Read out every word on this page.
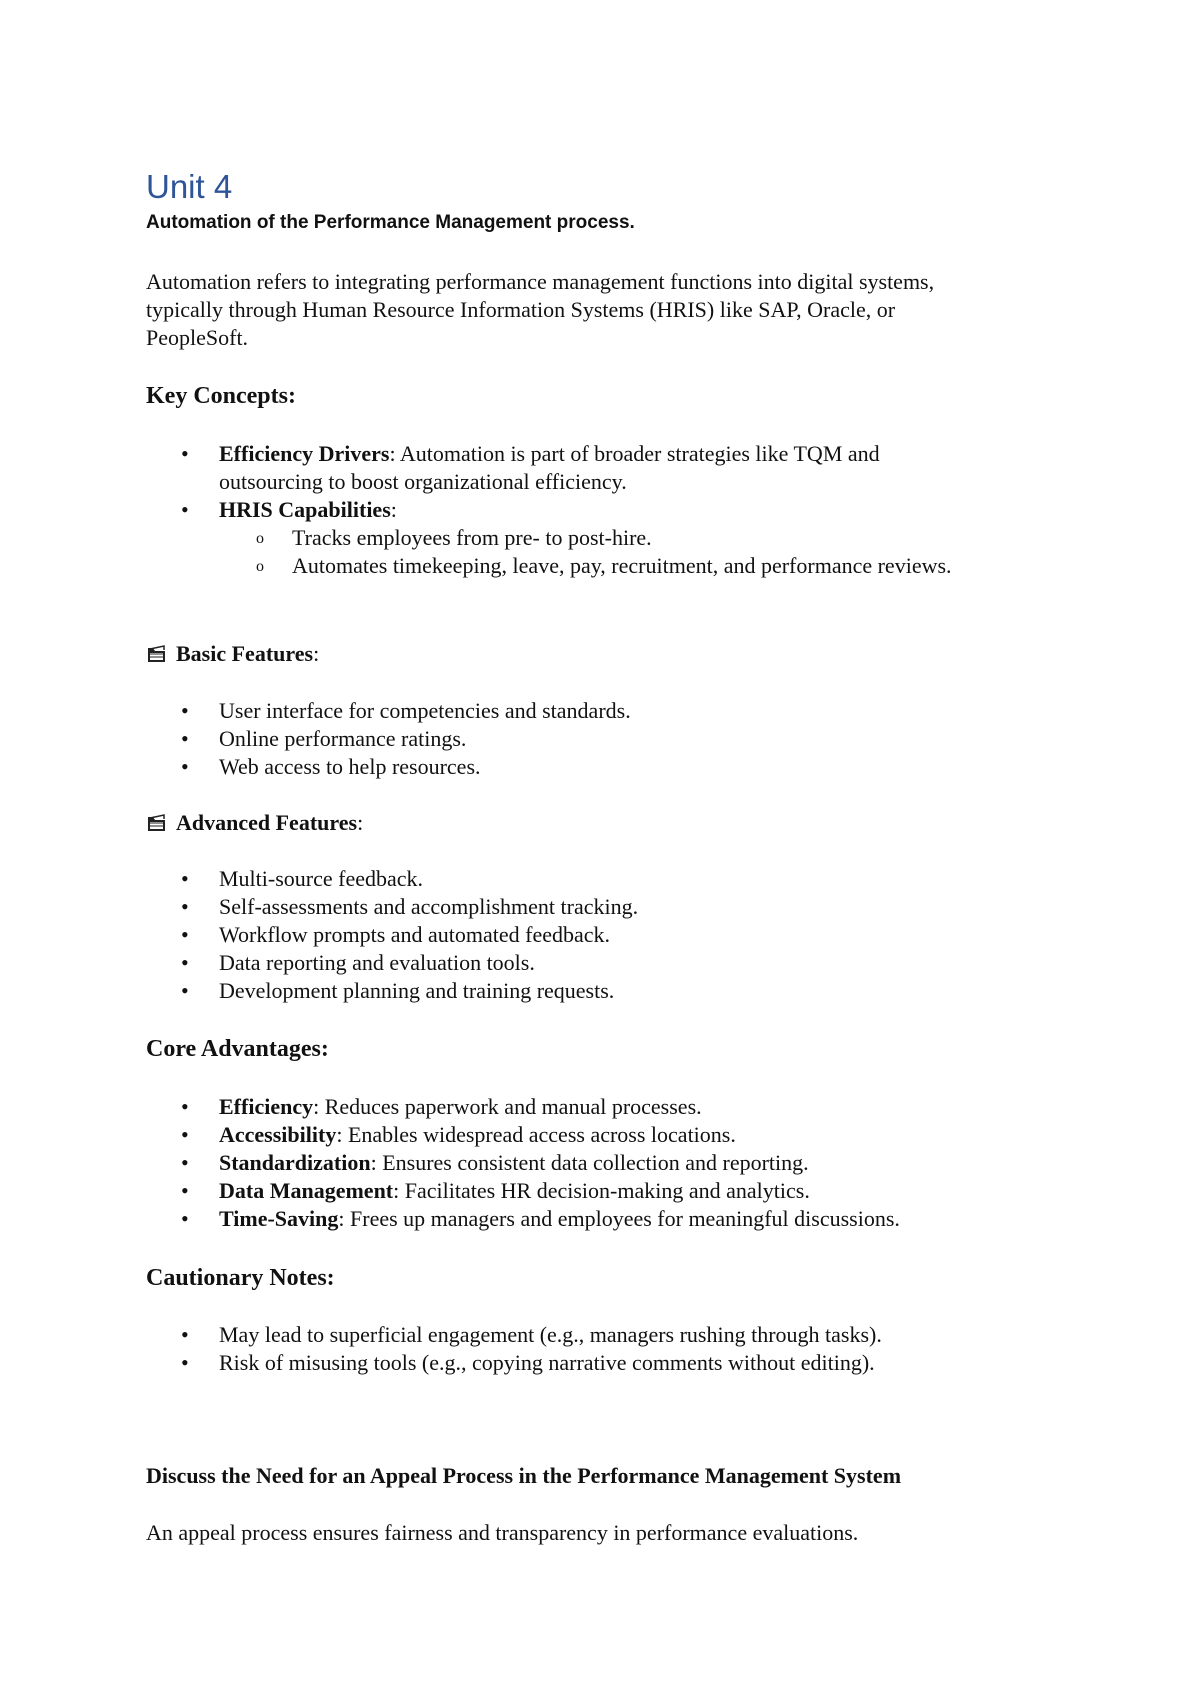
Unit 4
Automation of the Performance Management process.
Automation refers to integrating performance management functions into digital systems,
typically through Human Resource Information Systems (HRIS) like SAP, Oracle, or
PeopleSoft.
Key Concepts:
• Efficiency Drivers: Automation is part of broader strategies like TQM and
outsourcing to boost organizational efficiency.
• HRIS Capabilities:
o Tracks employees from pre- to post-hire.
o Automates timekeeping, leave, pay, recruitment, and performance reviews.
Basic Features:
• User interface for competencies and standards.
• Online performance ratings.
• Web access to help resources.
Advanced Features:
• Multi-source feedback.
• Self-assessments and accomplishment tracking.
• Workflow prompts and automated feedback.
• Data reporting and evaluation tools.
• Development planning and training requests.
Core Advantages:
• Efficiency: Reduces paperwork and manual processes.
• Accessibility: Enables widespread access across locations.
• Standardization: Ensures consistent data collection and reporting.
• Data Management: Facilitates HR decision-making and analytics.
• Time-Saving: Frees up managers and employees for meaningful discussions.
Cautionary Notes:
• May lead to superficial engagement (e.g., managers rushing through tasks).
• Risk of misusing tools (e.g., copying narrative comments without editing).
Discuss the Need for an Appeal Process in the Performance Management System
An appeal process ensures fairness and transparency in performance evaluations.
